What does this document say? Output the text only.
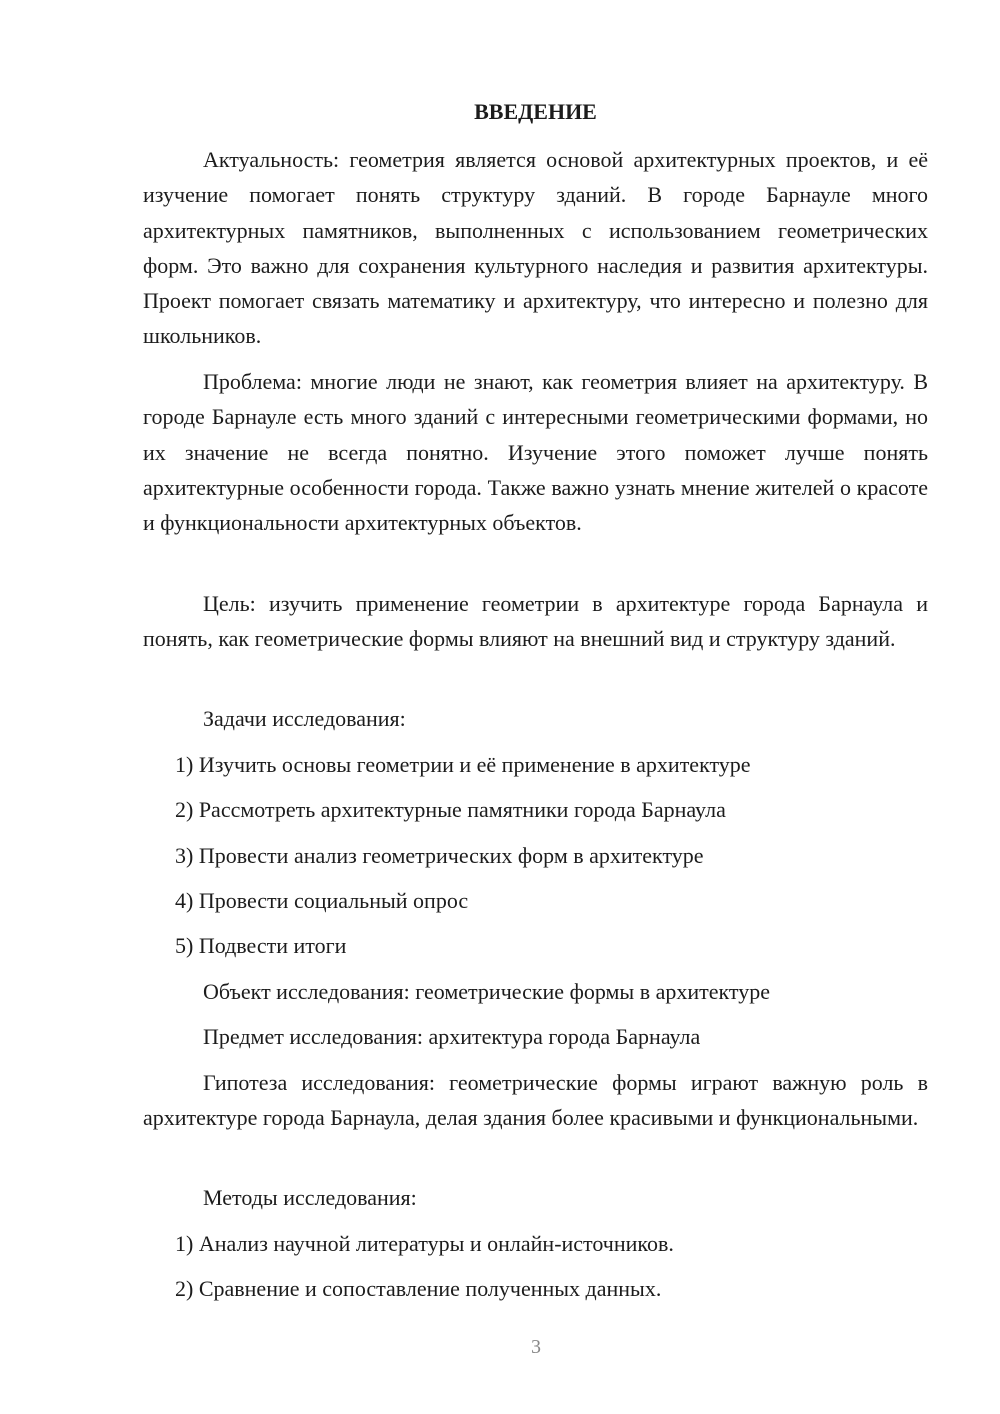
ВВЕДЕНИЕ

Актуальность: геометрия является основой архитектурных проектов, и её изучение помогает понять структуру зданий. В городе Барнауле много архитектурных памятников, выполненных с использованием геометрических форм. Это важно для сохранения культурного наследия и развития архитектуры. Проект помогает связать математику и архитектуру, что интересно и полезно для школьников.

Проблема: многие люди не знают, как геометрия влияет на архитектуру. В городе Барнауле есть много зданий с интересными геометрическими формами, но их значение не всегда понятно. Изучение этого поможет лучше понять архитектурные особенности города. Также важно узнать мнение жителей о красоте и функциональности архитектурных объектов.

Цель: изучить применение геометрии в архитектуре города Барнаула и понять, как геометрические формы влияют на внешний вид и структуру зданий.

Задачи исследования:

1) Изучить основы геометрии и её применение в архитектуре

2) Рассмотреть архитектурные памятники города Барнаула

3) Провести анализ геометрических форм в архитектуре

4) Провести социальный опрос

5) Подвести итоги

Объект исследования: геометрические формы в архитектуре

Предмет исследования: архитектура города Барнаула

Гипотеза исследования: геометрические формы играют важную роль в архитектуре города Барнаула, делая здания более красивыми и функциональными.

Методы исследования:

1) Анализ научной литературы и онлайн-источников.

2) Сравнение и сопоставление полученных данных.

3
